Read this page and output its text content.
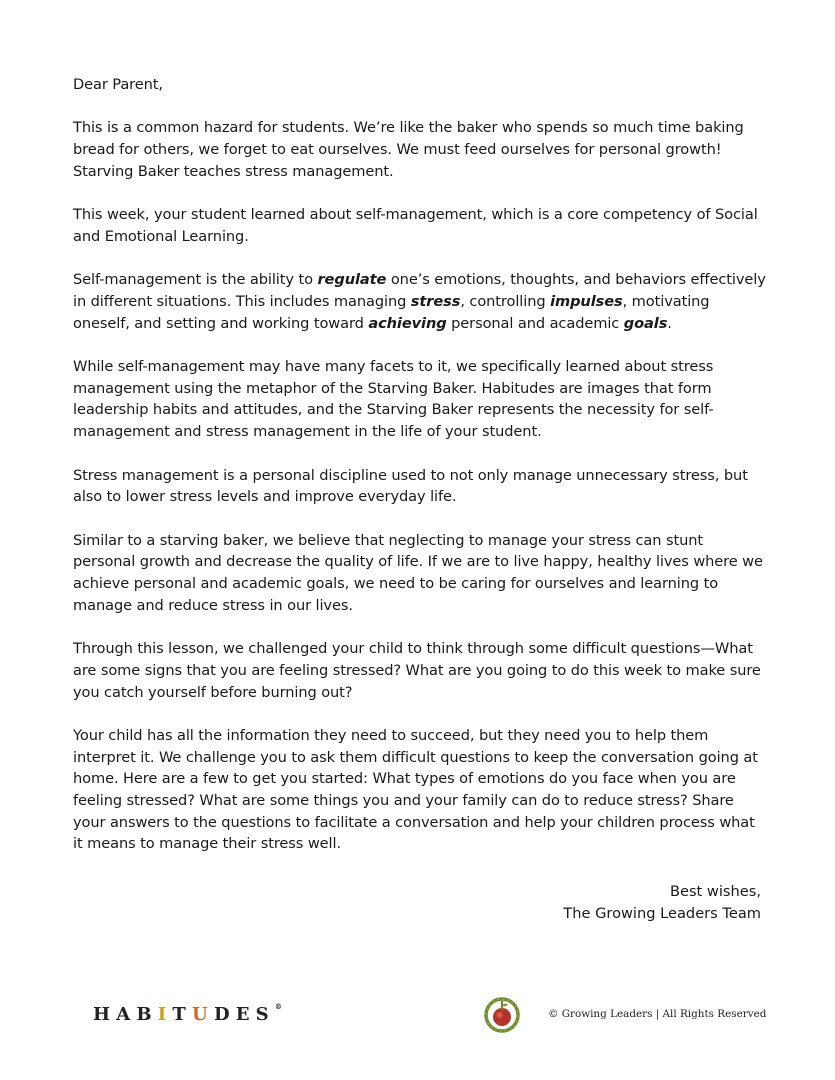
Dear Parent,

This is a common hazard for students. We’re like the baker who spends so much time baking bread for others, we forget to eat ourselves. We must feed ourselves for personal growth! Starving Baker teaches stress management.

This week, your student learned about self-management, which is a core competency of Social and Emotional Learning.

Self-management is the ability to regulate one’s emotions, thoughts, and behaviors effectively in different situations. This includes managing stress, controlling impulses, motivating oneself, and setting and working toward achieving personal and academic goals.

While self-management may have many facets to it, we specifically learned about stress management using the metaphor of the Starving Baker. Habitudes are images that form leadership habits and attitudes, and the Starving Baker represents the necessity for self-management and stress management in the life of your student.

Stress management is a personal discipline used to not only manage unnecessary stress, but also to lower stress levels and improve everyday life.

Similar to a starving baker, we believe that neglecting to manage your stress can stunt personal growth and decrease the quality of life. If we are to live happy, healthy lives where we achieve personal and academic goals, we need to be caring for ourselves and learning to manage and reduce stress in our lives.

Through this lesson, we challenged your child to think through some difficult questions—What are some signs that you are feeling stressed? What are you going to do this week to make sure you catch yourself before burning out?

Your child has all the information they need to succeed, but they need you to help them interpret it. We challenge you to ask them difficult questions to keep the conversation going at home. Here are a few to get you started: What types of emotions do you face when you are feeling stressed? What are some things you and your family can do to reduce stress? Share your answers to the questions to facilitate a conversation and help your children process what it means to manage their stress well.

Best wishes,
The Growing Leaders Team
HABITUDES®
© Growing Leaders | All Rights Reserved
